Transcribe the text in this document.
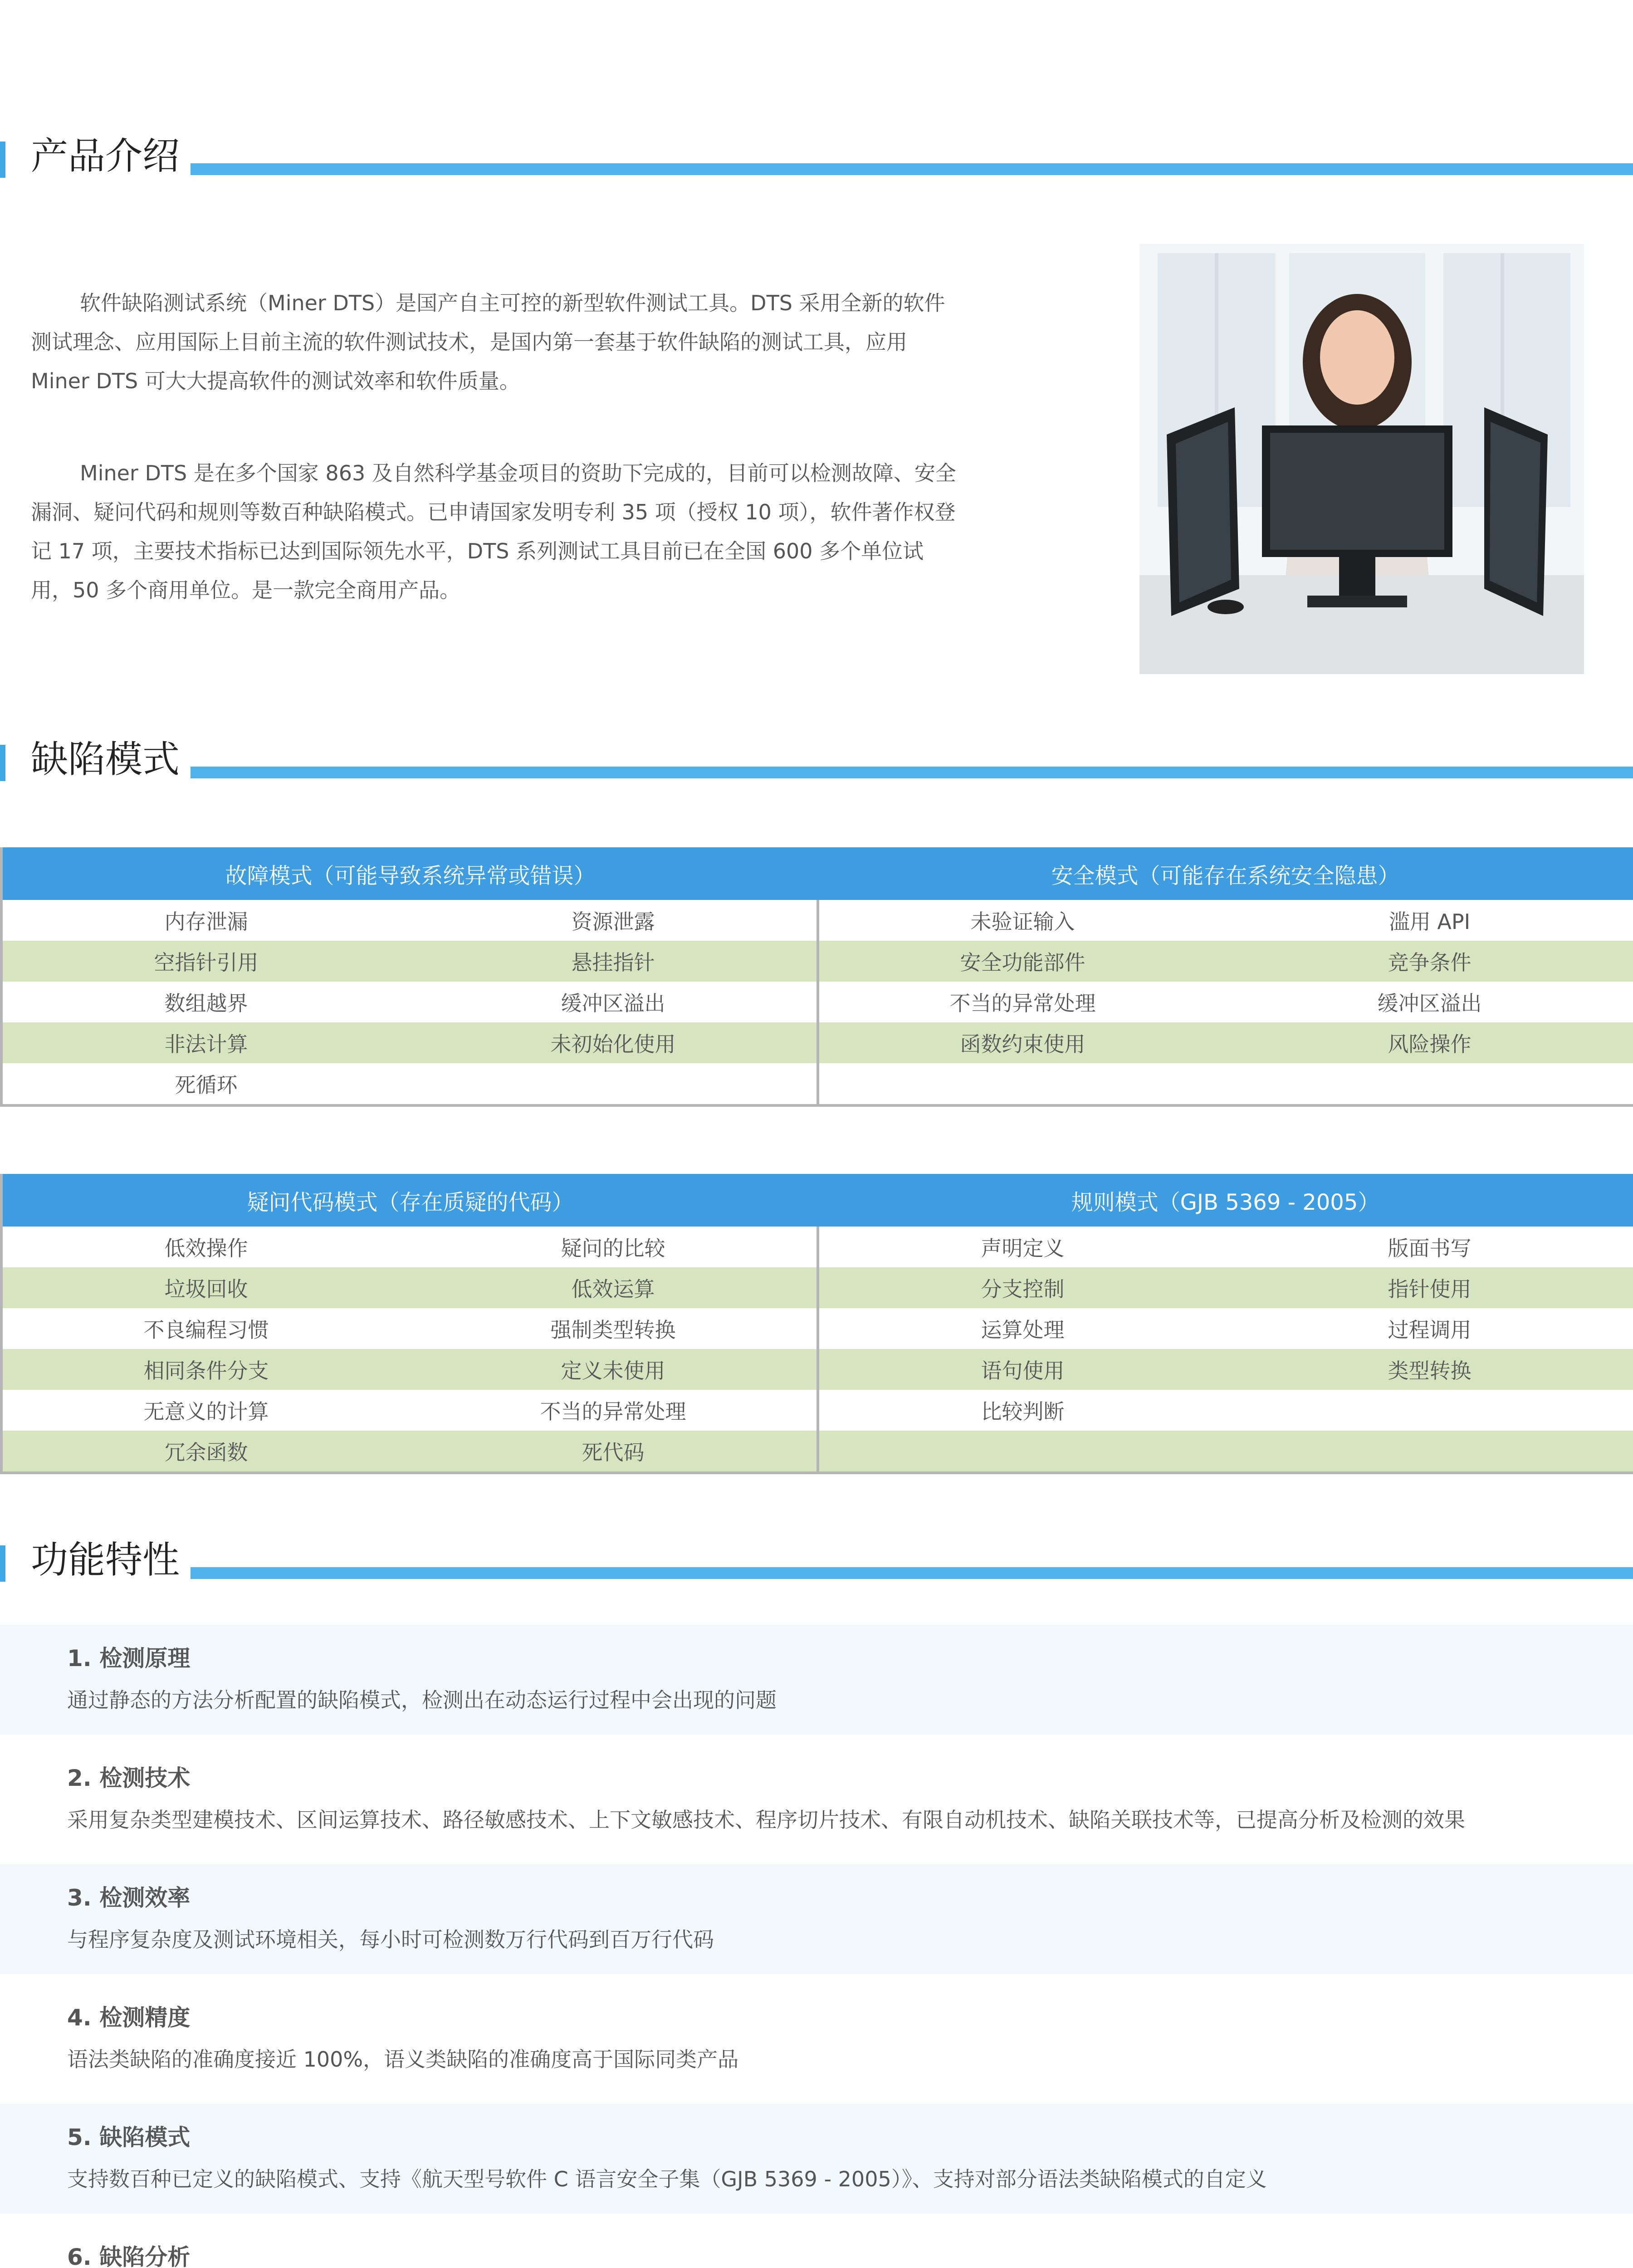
产品介绍

软件缺陷测试系统（Miner DTS）是国产自主可控的新型软件测试工具。DTS 采用全新的软件测试理念、应用国际上目前主流的软件测试技术，是国内第一套基于软件缺陷的测试工具，应用 Miner DTS 可大大提高软件的测试效率和软件质量。

Miner DTS 是在多个国家 863 及自然科学基金项目的资助下完成的，目前可以检测故障、安全漏洞、疑问代码和规则等数百种缺陷模式。已申请国家发明专利 35 项（授权 10 项），软件著作权登记 17 项，主要技术指标已达到国际领先水平，DTS 系列测试工具目前已在全国 600 多个单位试用，50 多个商用单位。是一款完全商用产品。

缺陷模式
故障模式（可能导致系统异常或错误）		安全模式（可能存在系统安全隐患）	
内存泄漏	资源泄露	未验证输入	滥用 API
空指针引用	悬挂指针	安全功能部件	竞争条件
数组越界	缓冲区溢出	不当的异常处理	缓冲区溢出
非法计算	未初始化使用	函数约束使用	风险操作
死循环			
疑问代码模式（存在质疑的代码）		规则模式（GJB 5369 - 2005）	
低效操作	疑问的比较	声明定义	版面书写
垃圾回收	低效运算	分支控制	指针使用
不良编程习惯	强制类型转换	运算处理	过程调用
相同条件分支	定义未使用	语句使用	类型转换
无意义的计算	不当的异常处理	比较判断	
冗余函数	死代码		
功能特性
1. 检测原理
通过静态的方法分析配置的缺陷模式，检测出在动态运行过程中会出现的问题
2. 检测技术
采用复杂类型建模技术、区间运算技术、路径敏感技术、上下文敏感技术、程序切片技术、有限自动机技术、缺陷关联技术等，已提高分析及检测的效果
3. 检测效率
与程序复杂度及测试环境相关，每小时可检测数万行代码到百万行代码
4. 检测精度
语法类缺陷的准确度接近 100%，语义类缺陷的准确度高于国际同类产品
5. 缺陷模式
支持数百种已定义的缺陷模式、支持《航天型号软件 C 语言安全子集（GJB 5369 - 2005）》、支持对部分语法类缺陷模式的自定义
6. 缺陷分析
